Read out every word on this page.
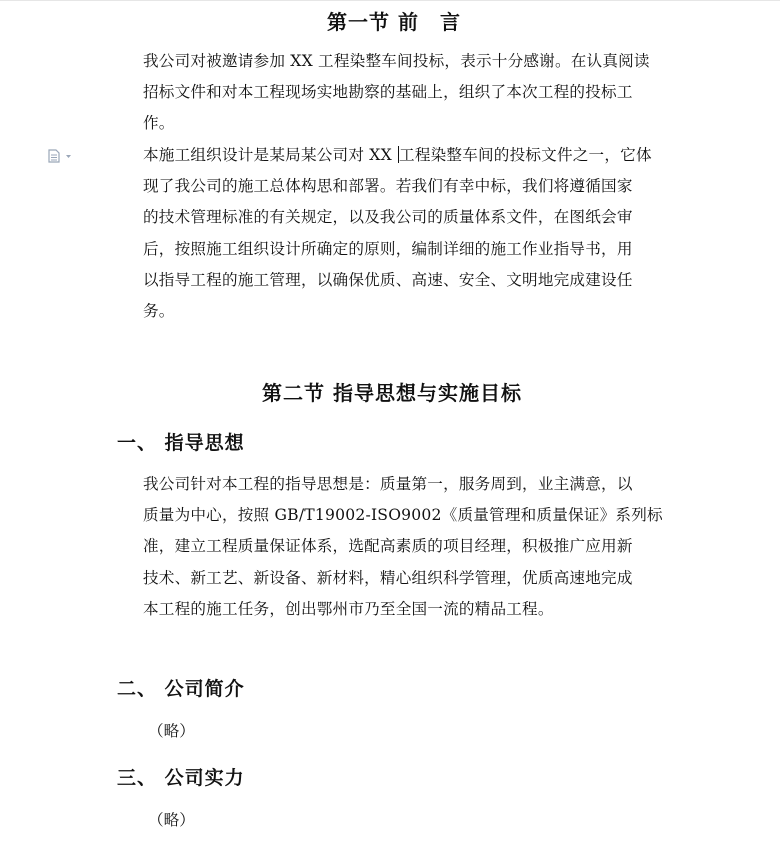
第一节 前　言
我公司对被邀请参加 XX 工程染整车间投标，表示十分感谢。在认真阅读
招标文件和对本工程现场实地勘察的基础上，组织了本次工程的投标工
作。
本施工组织设计是某局某公司对 XX 工程染整车间的投标文件之一，它体
现了我公司的施工总体构思和部署。若我们有幸中标，我们将遵循国家
的技术管理标准的有关规定，以及我公司的质量体系文件，在图纸会审
后，按照施工组织设计所确定的原则，编制详细的施工作业指导书，用
以指导工程的施工管理，以确保优质、高速、安全、文明地完成建设任
务。
第二节 指导思想与实施目标
一、 指导思想
我公司针对本工程的指导思想是：质量第一，服务周到，业主满意，以
质量为中心，按照 GB/T19002-ISO9002《质量管理和质量保证》系列标
准，建立工程质量保证体系，选配高素质的项目经理，积极推广应用新
技术、新工艺、新设备、新材料，精心组织科学管理，优质高速地完成
本工程的施工任务，创出鄂州市乃至全国一流的精品工程。
二、 公司简介
（略）
三、 公司实力
（略）
